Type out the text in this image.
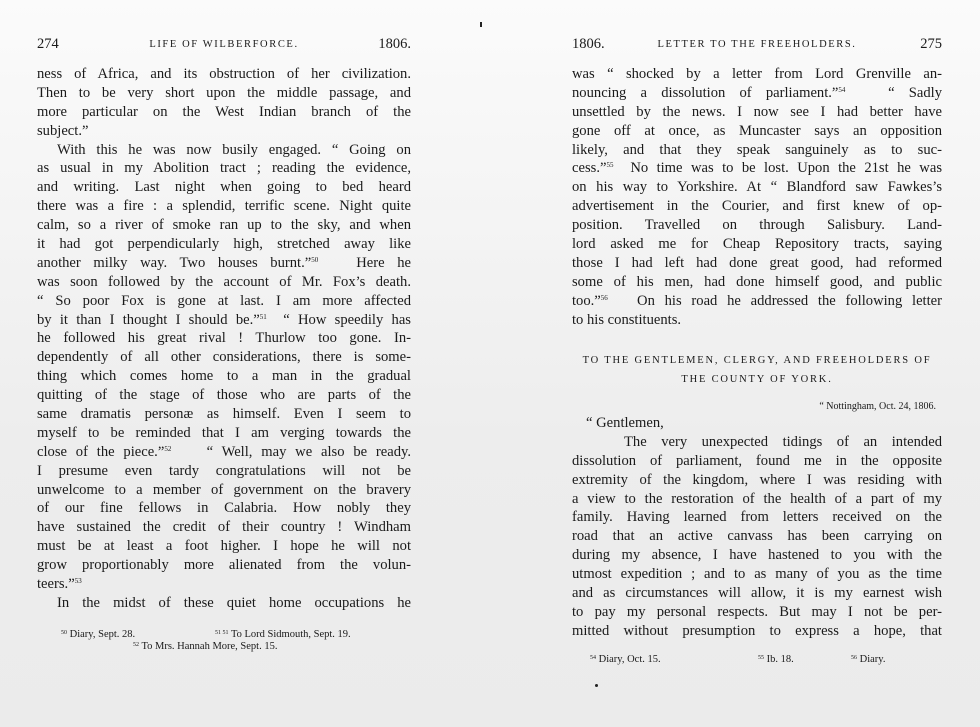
274	LIFE OF WILBERFORCE.	1806.
ness of Africa, and its obstruction of her civilization.
Then to be very short upon the middle passage, and
more particular on the West Indian branch of the
subject.”
With this he was now busily engaged. “ Going on
as usual in my Abolition tract ; reading the evidence,
and writing. Last night when going to bed heard
there was a fire : a splendid, terrific scene. Night quite
calm, so a river of smoke ran up to the sky, and when
it had got perpendicularly high, stretched away like
another milky way. Two houses burnt.”$^{50}$	Here he
was soon followed by the account of Mr. Fox’s death.
“ So poor Fox is gone at last. I am more affected
by it than I thought I should be.”$^{51}$ “ How speedily has
he followed his great rival ! Thurlow too gone. In-
dependently of all other considerations, there is some-
thing which comes home to a man in the gradual
quitting of the stage of those who are parts of the
same dramatis personæ as himself. Even I seem to
myself to be reminded that I am verging towards the
close of the piece.”$^{52}$ “ Well, may we also be ready.
I presume even tardy congratulations will not be
unwelcome to a member of government on the bravery
of our fine fellows in Calabria. How nobly they
have sustained the credit of their country ! Windham
must be at least a foot higher. I hope he will not
grow proportionably more alienated from the volun-
teers.”$^{53}$
In the midst of these quiet home occupations he
$^{50}$ Diary, Sept. 28.	$^{51 51}$ To Lord Sidmouth, Sept. 19.
$^{52}$ To Mrs. Hannah More, Sept. 15.
1806.	LETTER TO THE FREEHOLDERS.	275
was “ shocked by a letter from Lord Grenville an-
nouncing a dissolution of parliament.”$^{54}$	“ Sadly
unsettled by the news. I now see I had better have
gone off at once, as Muncaster says an opposition
likely, and that they speak sanguinely as to suc-
cess.”$^{55}$ No time was to be lost. Upon the 21st he was
on his way to Yorkshire. At “ Blandford saw Fawkes’s
advertisement in the Courier, and first knew of op-
position. Travelled on through Salisbury. Land-
lord asked me for Cheap Repository tracts, saying
those I had left had done great good, had reformed
some of his men, had done himself good, and public
too.”$^{56}$ On his road he addressed the following letter
to his constituents.
TO THE GENTLEMEN, CLERGY, AND FREEHOLDERS OF
THE COUNTY OF YORK.
“ Nottingham, Oct. 24, 1806.
“ Gentlemen,
The very unexpected tidings of an intended
dissolution of parliament, found me in the opposite
extremity of the kingdom, where I was residing with
a view to the restoration of the health of a part of my
family. Having learned from letters received on the
road that an active canvass has been carrying on
during my absence, I have hastened to you with the
utmost expedition ; and to as many of you as the time
and as circumstances will allow, it is my earnest wish
to pay my personal respects. But may I not be per-
mitted without presumption to express a hope, that
$^{54}$ Diary, Oct. 15.	$^{55}$ Ib. 18.	$^{56}$ Diary.
